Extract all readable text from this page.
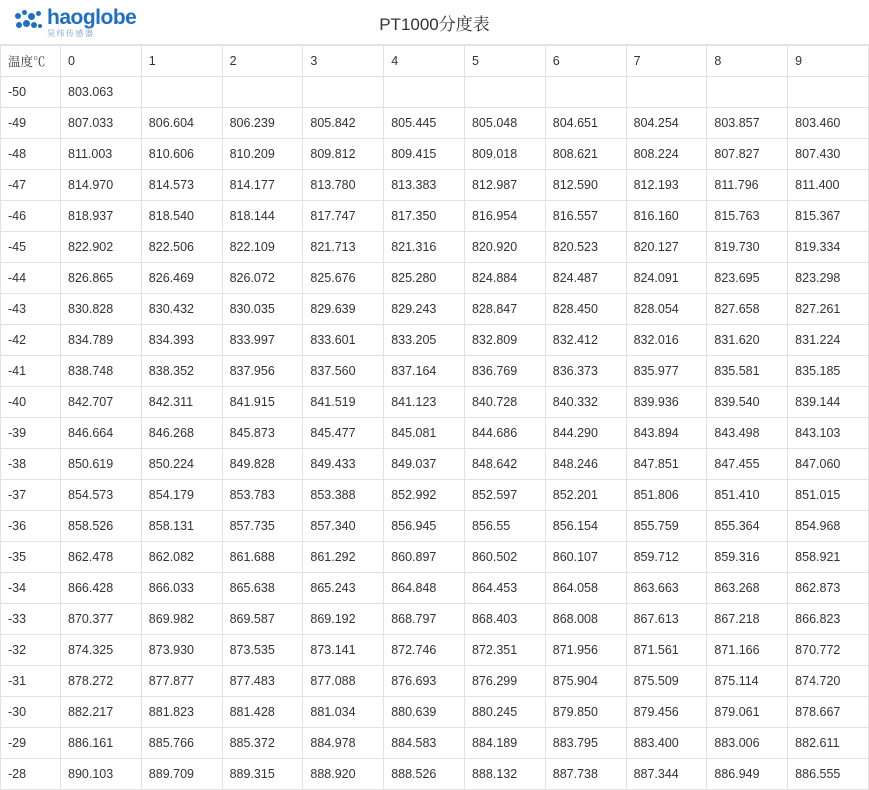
haoglobe
昊纬传感器	PT1000分度表
温度℃	0	1	2	3	4	5	6	7	8	9
-50	803.063									
-49	807.033	806.604	806.239	805.842	805.445	805.048	804.651	804.254	803.857	803.460
-48	811.003	810.606	810.209	809.812	809.415	809.018	808.621	808.224	807.827	807.430
-47	814.970	814.573	814.177	813.780	813.383	812.987	812.590	812.193	811.796	811.400
-46	818.937	818.540	818.144	817.747	817.350	816.954	816.557	816.160	815.763	815.367
-45	822.902	822.506	822.109	821.713	821.316	820.920	820.523	820.127	819.730	819.334
-44	826.865	826.469	826.072	825.676	825.280	824.884	824.487	824.091	823.695	823.298
-43	830.828	830.432	830.035	829.639	829.243	828.847	828.450	828.054	827.658	827.261
-42	834.789	834.393	833.997	833.601	833.205	832.809	832.412	832.016	831.620	831.224
-41	838.748	838.352	837.956	837.560	837.164	836.769	836.373	835.977	835.581	835.185
-40	842.707	842.311	841.915	841.519	841.123	840.728	840.332	839.936	839.540	839.144
-39	846.664	846.268	845.873	845.477	845.081	844.686	844.290	843.894	843.498	843.103
-38	850.619	850.224	849.828	849.433	849.037	848.642	848.246	847.851	847.455	847.060
-37	854.573	854.179	853.783	853.388	852.992	852.597	852.201	851.806	851.410	851.015
-36	858.526	858.131	857.735	857.340	856.945	856.55	856.154	855.759	855.364	854.968
-35	862.478	862.082	861.688	861.292	860.897	860.502	860.107	859.712	859.316	858.921
-34	866.428	866.033	865.638	865.243	864.848	864.453	864.058	863.663	863.268	862.873
-33	870.377	869.982	869.587	869.192	868.797	868.403	868.008	867.613	867.218	866.823
-32	874.325	873.930	873.535	873.141	872.746	872.351	871.956	871.561	871.166	870.772
-31	878.272	877.877	877.483	877.088	876.693	876.299	875.904	875.509	875.114	874.720
-30	882.217	881.823	881.428	881.034	880.639	880.245	879.850	879.456	879.061	878.667
-29	886.161	885.766	885.372	884.978	884.583	884.189	883.795	883.400	883.006	882.611
-28	890.103	889.709	889.315	888.920	888.526	888.132	887.738	887.344	886.949	886.555
